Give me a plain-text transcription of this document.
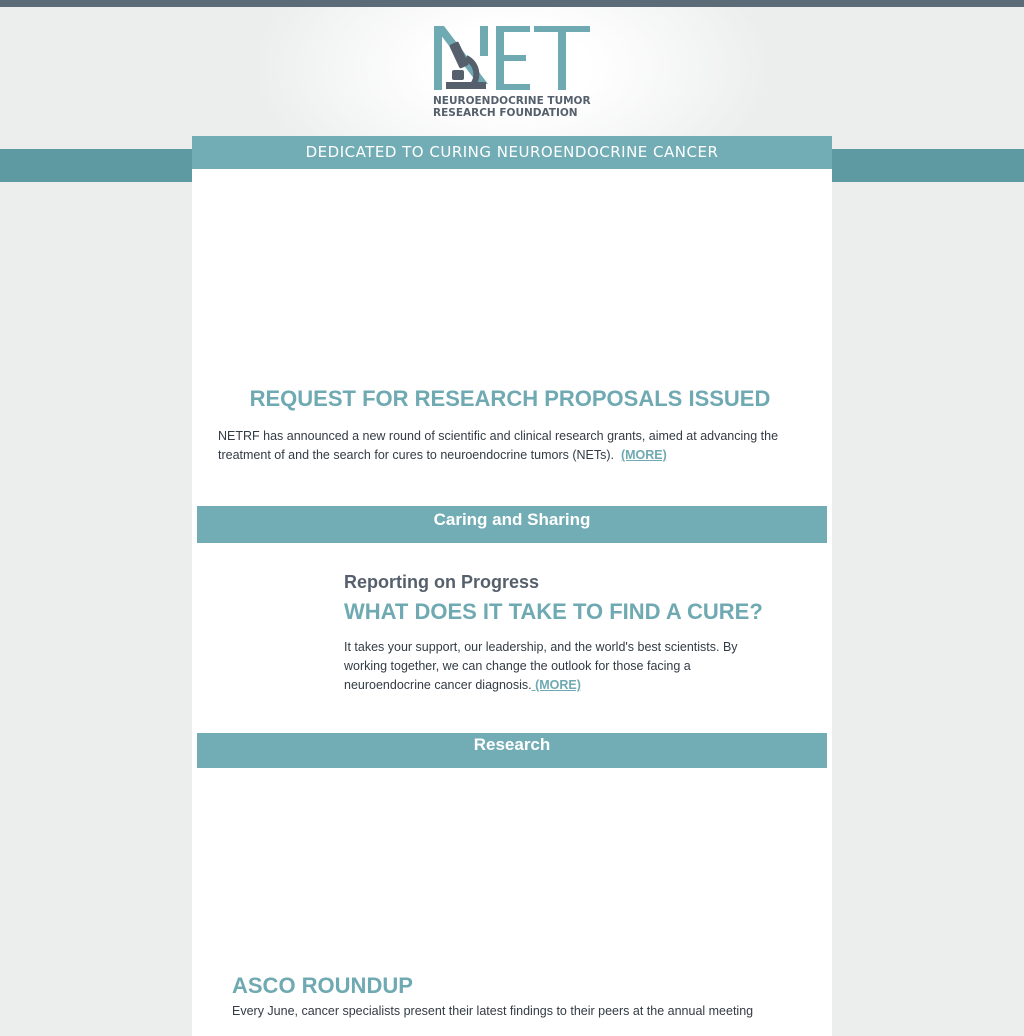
NEUROENDOCRINE TUMOR
RESEARCH FOUNDATION
DEDICATED TO CURING NEUROENDOCRINE CANCER
REQUEST FOR RESEARCH PROPOSALS ISSUED

NETRF has announced a new round of scientific and clinical research grants, aimed at advancing the treatment of and the search for cures to neuroendocrine tumors (NETs). (MORE)

Caring and Sharing
Reporting on Progress
WHAT DOES IT TAKE TO FIND A CURE?

It takes your support, our leadership, and the world's best scientists. By working together, we can change the outlook for those facing a neuroendocrine cancer diagnosis. (MORE)

Research
ASCO ROUNDUP

Every June, cancer specialists present their latest findings to their peers at the annual meeting
